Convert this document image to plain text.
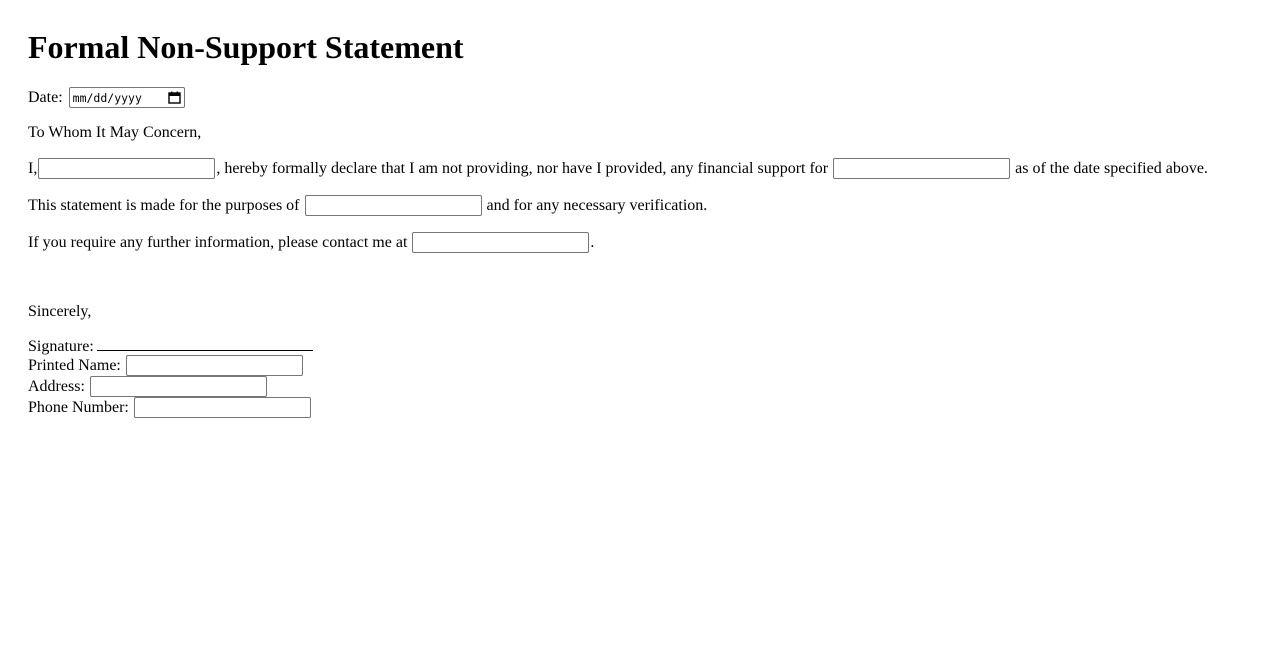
Formal Non-Support Statement
Date: mm/dd/yyyy
To Whom It May Concern,
I,	, hereby formally declare that I am not providing, nor have I provided, any financial support for	as of the date specified above.
This statement is made for the purposes of	and for any necessary verification.
If you require any further information, please contact me at	.
Sincerely,
Signature:
Printed Name:
Address:
Phone Number:
